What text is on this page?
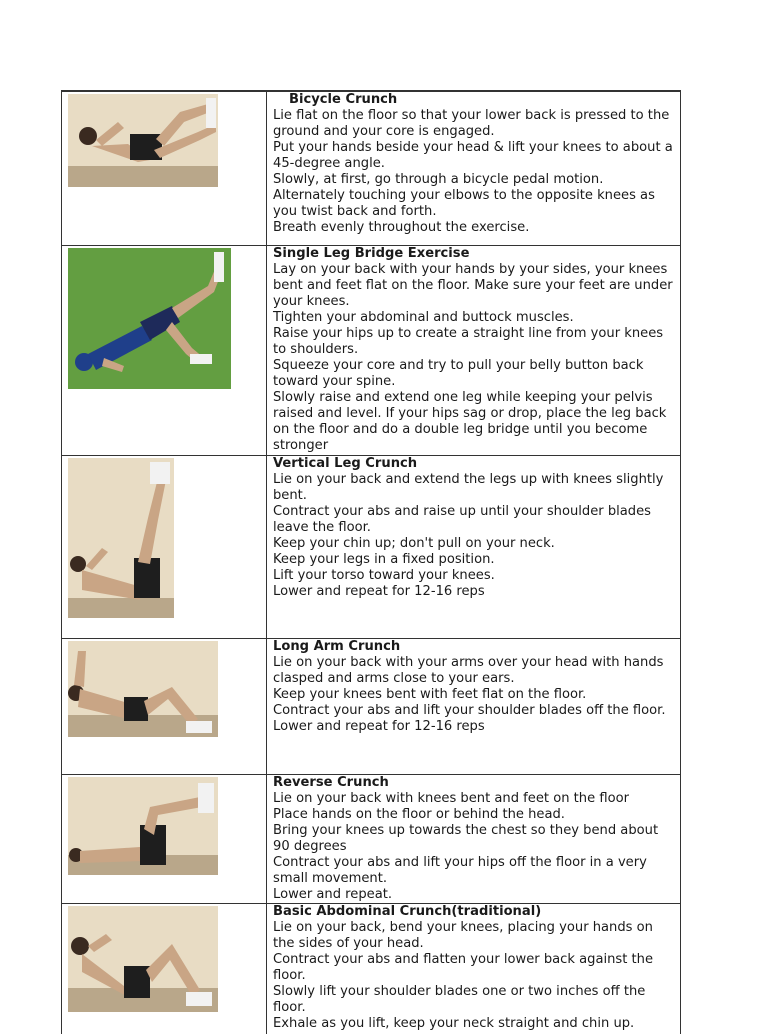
Bicycle Crunch
Lie flat on the floor so that your lower back is pressed to the ground and your core is engaged.
Put your hands beside your head & lift your knees to about a 45-degree angle.
Slowly, at first, go through a bicycle pedal motion.
Alternately touching your elbows to the opposite knees as you twist back and forth.
Breath evenly throughout the exercise.
Single Leg Bridge Exercise
Lay on your back with your hands by your sides, your knees bent and feet flat on the floor. Make sure your feet are under your knees.
Tighten your abdominal and buttock muscles.
Raise your hips up to create a straight line from your knees to shoulders.
Squeeze your core and try to pull your belly button back toward your spine.
Slowly raise and extend one leg while keeping your pelvis raised and level. If your hips sag or drop, place the leg back on the floor and do a double leg bridge until you become stronger
Vertical Leg Crunch
Lie on your back and extend the legs up with knees slightly bent.
Contract your abs and raise up until your shoulder blades leave the floor.
Keep your chin up; don't pull on your neck.
Keep your legs in a fixed position.
Lift your torso toward your knees.
Lower and repeat for 12-16 reps
Long Arm Crunch
Lie on your back with your arms over your head with hands clasped and arms close to your ears.
Keep your knees bent with feet flat on the floor.
Contract your abs and lift your shoulder blades off the floor.
Lower and repeat for 12-16 reps
Reverse Crunch
Lie on your back with knees bent and feet on the floor
Place hands on the floor or behind the head.
Bring your knees up towards the chest so they bend about 90 degrees
Contract your abs and lift your hips off the floor in a very small movement.
Lower and repeat.
Basic Abdominal Crunch(traditional)
Lie on your back, bend your knees, placing your hands on the sides of your head.
Contract your abs and flatten your lower back against the floor.
Slowly lift your shoulder blades one or two inches off the floor.
Exhale as you lift, keep your neck straight and chin up.
